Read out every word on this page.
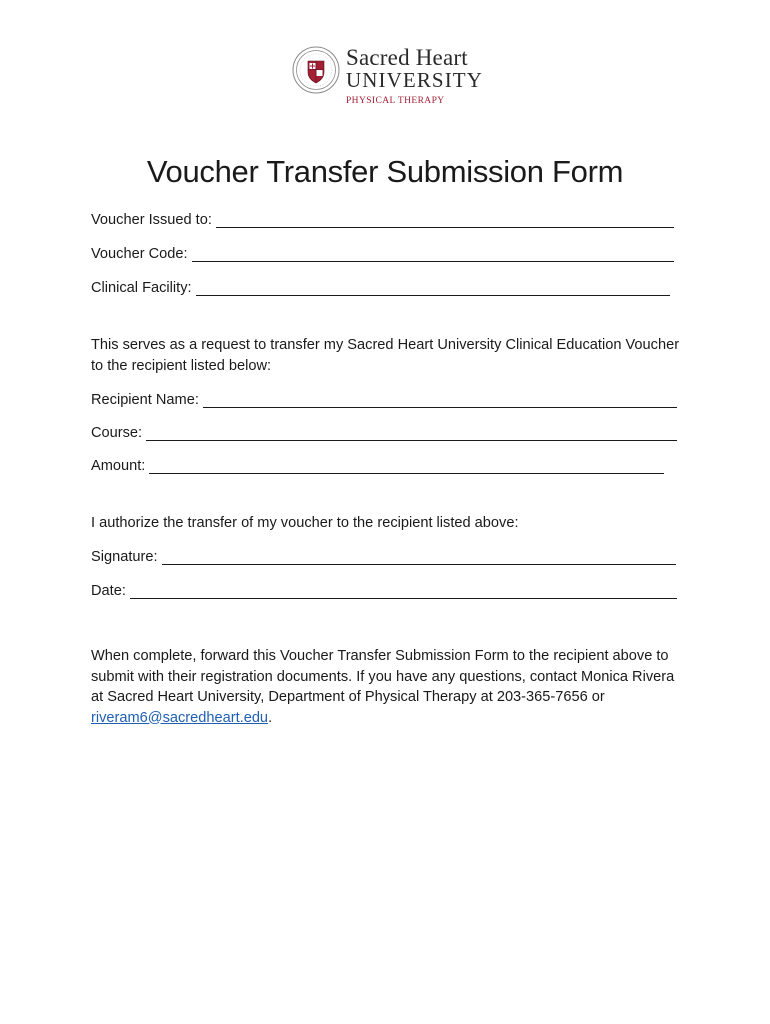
Sacred Heart
UNIVERSITY
PHYSICAL THERAPY
Voucher Transfer Submission Form
Voucher Issued to:
Voucher Code:
Clinical Facility:

This serves as a request to transfer my Sacred Heart University Clinical Education Voucher to the recipient listed below:

Recipient Name:
Course:
Amount:

I authorize the transfer of my voucher to the recipient listed above:

Signature:
Date:

When complete, forward this Voucher Transfer Submission Form to the recipient above to submit with their registration documents. If you have any questions, contact Monica Rivera at Sacred Heart University, Department of Physical Therapy at 203-365-7656 or riveram6@sacredheart.edu.
